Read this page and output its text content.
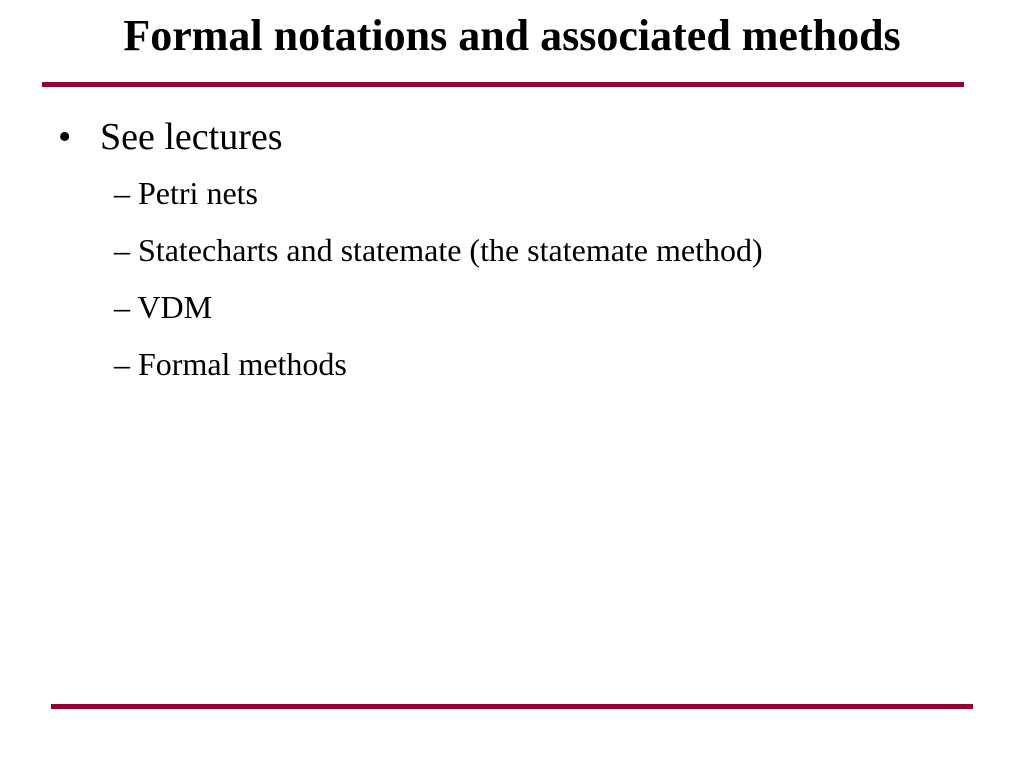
Formal notations and associated methods
• See lectures
– Petri nets
– Statecharts and statemate (the statemate method)
– VDM
– Formal methods
